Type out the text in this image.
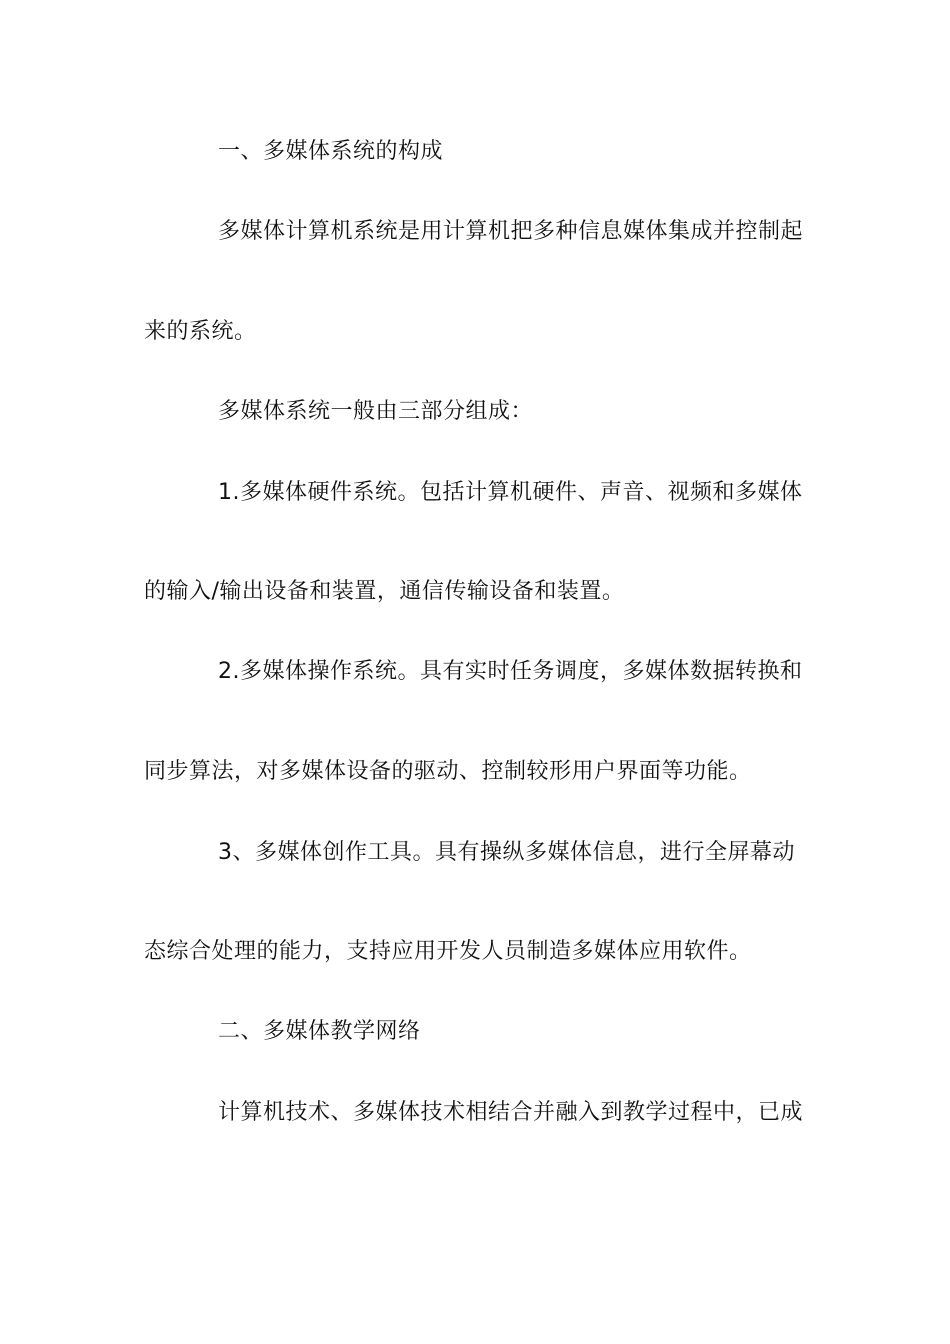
一、多媒体系统的构成
多媒体计算机系统是用计算机把多种信息媒体集成并控制起
来的系统。
多媒体系统一般由三部分组成：
1.多媒体硬件系统。包括计算机硬件、声音、视频和多媒体
的输入/输出设备和装置，通信传输设备和装置。
2.多媒体操作系统。具有实时任务调度，多媒体数据转换和
同步算法，对多媒体设备的驱动、控制较形用户界面等功能。
3、多媒体创作工具。具有操纵多媒体信息，进行全屏幕动
态综合处理的能力，支持应用开发人员制造多媒体应用软件。
二、多媒体教学网络
计算机技术、多媒体技术相结合并融入到教学过程中，已成
